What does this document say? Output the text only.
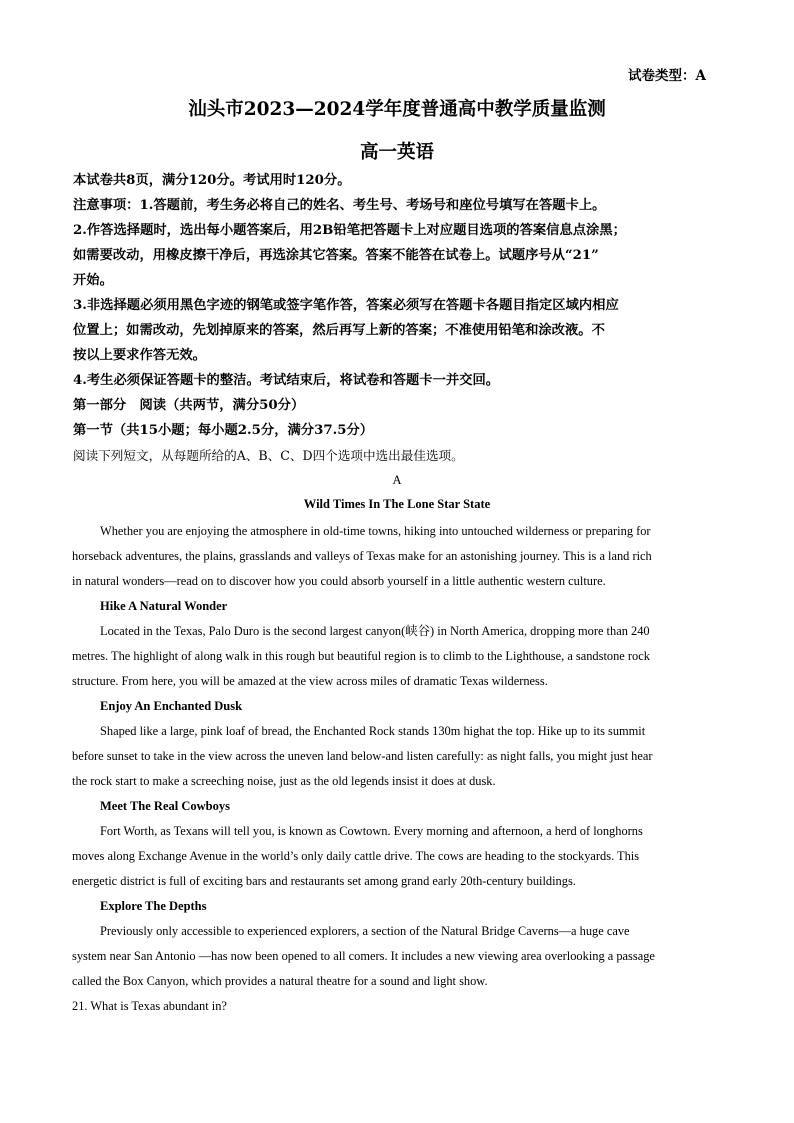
试卷类型：A
汕头市2023—2024学年度普通高中教学质量监测
高一英语
本试卷共8页，满分120分。考试用时120分。
注意事项：1.答题前，考生务必将自己的姓名、考生号、考场号和座位号填写在答题卡上。
2.作答选择题时，选出每小题答案后，用2B铅笔把答题卡上对应题目选项的答案信息点涂黑；
如需要改动，用橡皮擦干净后，再选涂其它答案。答案不能答在试卷上。试题序号从“21”
开始。
3.非选择题必须用黑色字迹的钢笔或签字笔作答，答案必须写在答题卡各题目指定区域内相应
位置上；如需改动，先划掉原来的答案，然后再写上新的答案；不准使用铅笔和涂改液。不
按以上要求作答无效。
4.考生必须保证答题卡的整洁。考试结束后，将试卷和答题卡一并交回。
第一部分　阅读（共两节，满分50分）
第一节（共15小题；每小题2.5分，满分37.5分）
阅读下列短文，从每题所给的A、B、C、D四个选项中选出最佳选项。
A
Wild Times In The Lone Star State
Whether you are enjoying the atmosphere in old-time towns, hiking into untouched wilderness or preparing for
horseback adventures, the plains, grasslands and valleys of Texas make for an astonishing journey. This is a land rich
in natural wonders—read on to discover how you could absorb yourself in a little authentic western culture.
Hike A Natural Wonder
Located in the Texas, Palo Duro is the second largest canyon(峡谷) in North America, dropping more than 240
metres. The highlight of along walk in this rough but beautiful region is to climb to the Lighthouse, a sandstone rock
structure. From here, you will be amazed at the view across miles of dramatic Texas wilderness.
Enjoy An Enchanted Dusk
Shaped like a large, pink loaf of bread, the Enchanted Rock stands 130m highat the top. Hike up to its summit
before sunset to take in the view across the uneven land below-and listen carefully: as night falls, you might just hear
the rock start to make a screeching noise, just as the old legends insist it does at dusk.
Meet The Real Cowboys
Fort Worth, as Texans will tell you, is known as Cowtown. Every morning and afternoon, a herd of longhorns
moves along Exchange Avenue in the world’s only daily cattle drive. The cows are heading to the stockyards. This
energetic district is full of exciting bars and restaurants set among grand early 20th-century buildings.
Explore The Depths
Previously only accessible to experienced explorers, a section of the Natural Bridge Caverns—a huge cave
system near San Antonio —has now been opened to all comers. It includes a new viewing area overlooking a passage
called the Box Canyon, which provides a natural theatre for a sound and light show.
21. What is Texas abundant in?
